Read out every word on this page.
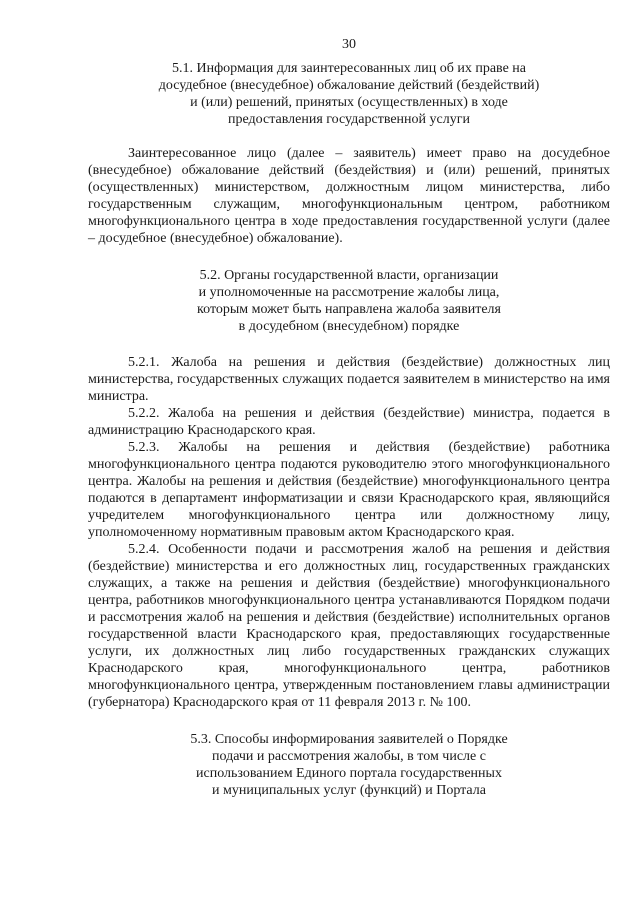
30
5.1. Информация для заинтересованных лиц об их праве на
досудебное (внесудебное) обжалование действий (бездействий)
и (или) решений, принятых (осуществленных) в ходе
предоставления государственной услуги

Заинтересованное лицо (далее – заявитель) имеет право на досудебное (внесудебное) обжалование действий (бездействия) и (или) решений, принятых (осуществленных) министерством, должностным лицом министерства, либо государственным служащим, многофункциональным центром, работником многофункционального центра в ходе предоставления государственной услуги (далее – досудебное (внесудебное) обжалование).

5.2. Органы государственной власти, организации
и уполномоченные на рассмотрение жалобы лица,
которым может быть направлена жалоба заявителя
в досудебном (внесудебном) порядке

5.2.1. Жалоба на решения и действия (бездействие) должностных лиц министерства, государственных служащих подается заявителем в министерство на имя министра.

5.2.2. Жалоба на решения и действия (бездействие) министра, подается в администрацию Краснодарского края.

5.2.3. Жалобы на решения и действия (бездействие) работника многофункционального центра подаются руководителю этого многофункционального центра. Жалобы на решения и действия (бездействие) многофункционального центра подаются в департамент информатизации и связи Краснодарского края, являющийся учредителем многофункционального центра или должностному лицу, уполномоченному нормативным правовым актом Краснодарского края.

5.2.4. Особенности подачи и рассмотрения жалоб на решения и действия (бездействие) министерства и его должностных лиц, государственных гражданских служащих, а также на решения и действия (бездействие) многофункционального центра, работников многофункционального центра устанавливаются Порядком подачи и рассмотрения жалоб на решения и действия (бездействие) исполнительных органов государственной власти Краснодарского края, предоставляющих государственные услуги, их должностных лиц либо государственных гражданских служащих Краснодарского края, многофункционального центра, работников многофункционального центра, утвержденным постановлением главы администрации (губернатора) Краснодарского края от 11 февраля 2013 г. № 100.

5.3. Способы информирования заявителей о Порядке
подачи и рассмотрения жалобы, в том числе с
использованием Единого портала государственных
и муниципальных услуг (функций) и Портала
